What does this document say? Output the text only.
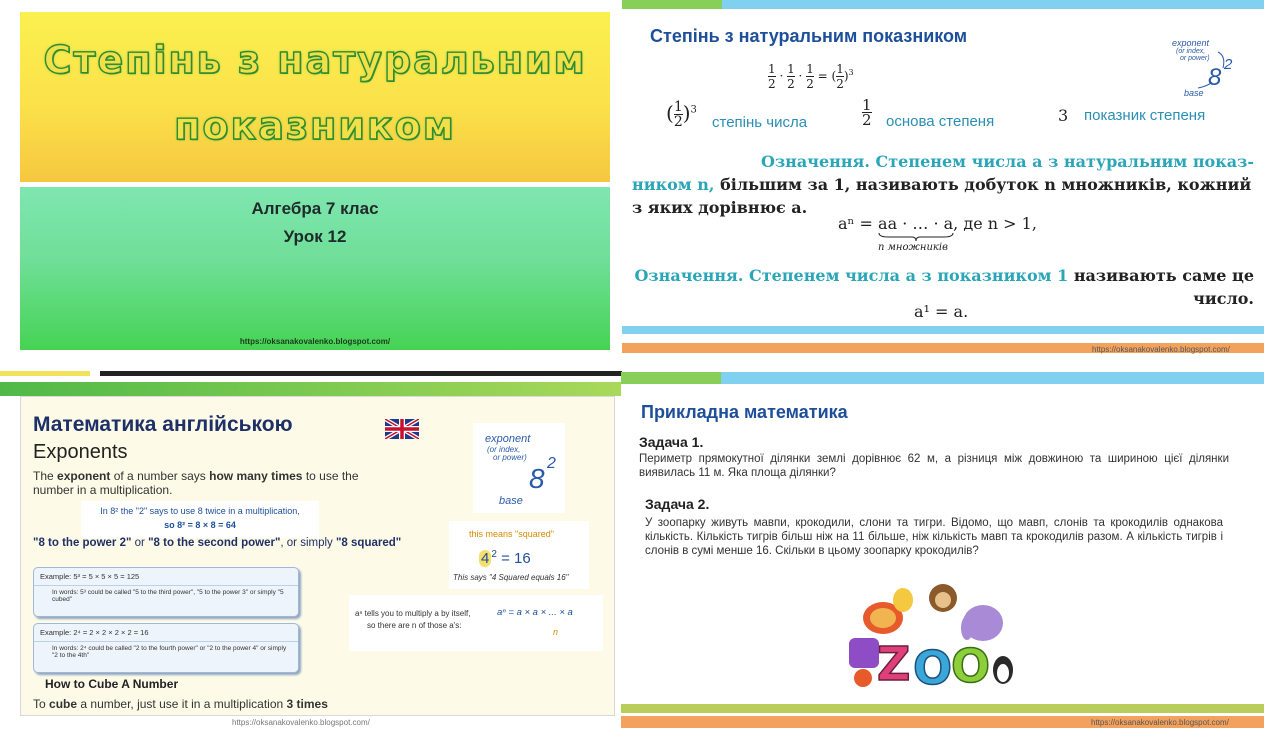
Степінь з натуральним
показником
Алгебра 7 клас
Урок 12
https://oksanakovalenko.blogspot.com/
Степінь з натуральним показником
$\frac{1}{2} \cdot \frac{1}{2} \cdot \frac{1}{2}$ = ( $\frac{1}{2} )^3$
exponent
(or index,
or power)
8 2
base
( $\frac{1}{2} )^3$
степінь числа	$\frac{1}{2}$ основа степеня	3 показник степеня
Означення. Степенем числа a з натуральним показ-
ником n, більшим за 1, називають добуток n множників, кожний з яких дорівнює a.
aⁿ = aa · … · a, де n > 1,
n множників
Означення. Степенем числа a з показником 1 називають саме це число.
a¹ = a.
https://oksanakovalenko.blogspot.com/
Математика англійською
Exponents
The exponent of a number says how many times to use the number in a multiplication.
In 8² the "2" says to use 8 twice in a multiplication,
so 8² = 8 × 8 = 64
"8 to the power 2" or "8 to the second power", or simply "8 squared"
Example: 5³ = 5 × 5 × 5 = 125
In words: 5³ could be called "5 to the third power", "5 to the power 3" or simply "5 cubed"
Example: 2⁴ = 2 × 2 × 2 × 2 = 16
In words: 2⁴ could be called "2 to the fourth power" or "2 to the power 4" or simply "2 to the 4th"
exponent
(or index,
or power)
8 2
base
this means "squared"
4 $^2$ = 16
This says "4 Squared equals 16"
aⁿ tells you to multiply a by itself,
so there are n of those a's:
aⁿ = a × a × ... × a
n
How to Cube A Number
To cube a number, just use it in a multiplication 3 times
https://oksanakovalenko.blogspot.com/
Прикладна математика
Задача 1.
Периметр прямокутної ділянки землі дорівнює 62 м, а різниця між довжиною та шириною цієї ділянки виявилась 11 м. Яка площа ділянки?
Задача 2.
У зоопарку живуть мавпи, крокодили, слони та тигри. Відомо, що мавп, слонів та крокодилів однакова кількість. Кількість тигрів більш ніж на 11 більше, ніж кількість мавп та крокодилів разом. А кількість тигрів і слонів в сумі менше 16. Скільки в цьому зоопарку крокодилів?
Z O
O
ZOO
https://oksanakovalenko.blogspot.com/
